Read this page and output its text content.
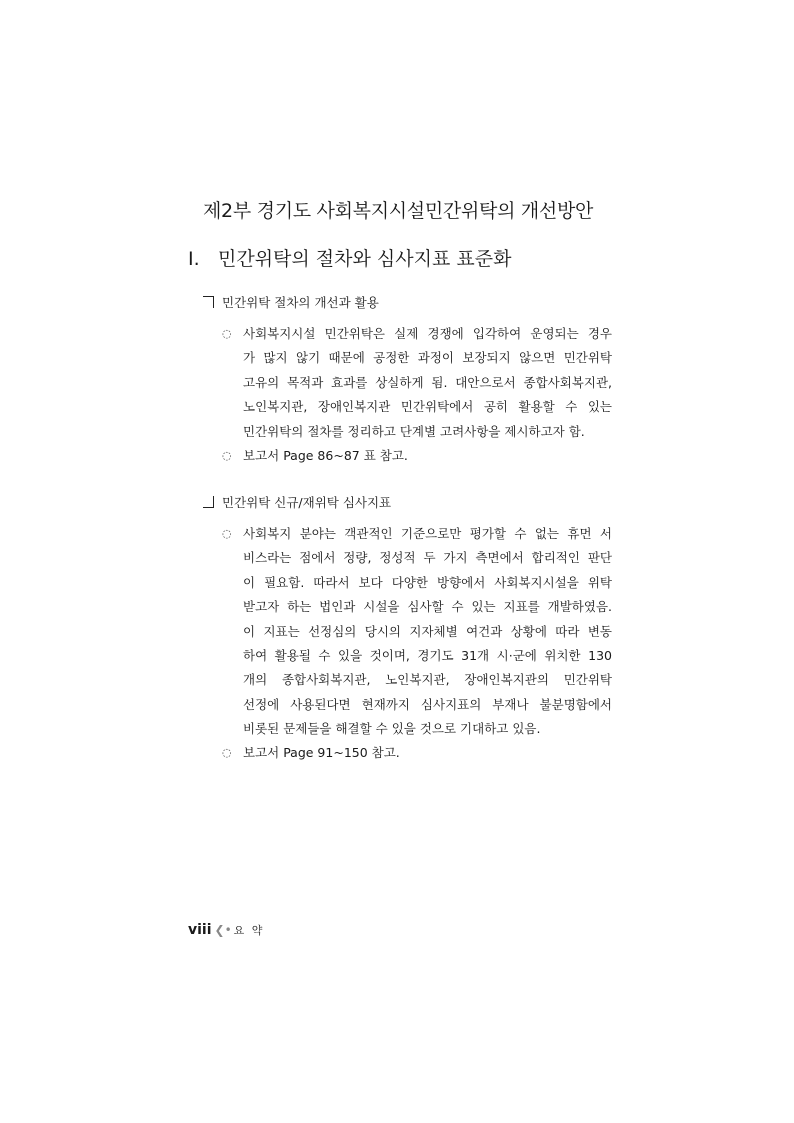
제2부 경기도 사회복지시설민간위탁의 개선방안
Ⅰ. 민간위탁의 절차와 심사지표 표준화
민간위탁 절차의 개선과 활용
◌ 사회복지시설 민간위탁은 실제 경쟁에 입각하여 운영되는 경우
가 많지 않기 때문에 공정한 과정이 보장되지 않으면 민간위탁
고유의 목적과 효과를 상실하게 됨. 대안으로서 종합사회복지관,
노인복지관, 장애인복지관 민간위탁에서 공히 활용할 수 있는
민간위탁의 절차를 정리하고 단계별 고려사항을 제시하고자 함.
◌ 보고서 Page 86~87 표 참고.
민간위탁 신규/재위탁 심사지표
◌ 사회복지 분야는 객관적인 기준으로만 평가할 수 없는 휴먼 서
비스라는 점에서 정량, 정성적 두 가지 측면에서 합리적인 판단
이 필요함. 따라서 보다 다양한 방향에서 사회복지시설을 위탁
받고자 하는 법인과 시설을 심사할 수 있는 지표를 개발하였음.
이 지표는 선정심의 당시의 지자체별 여건과 상황에 따라 변동
하여 활용될 수 있을 것이며, 경기도 31개 시·군에 위치한 130
개의 종합사회복지관, 노인복지관, 장애인복지관의 민간위탁
선정에 사용된다면 현재까지 심사지표의 부재나 불분명함에서
비롯된 문제들을 해결할 수 있을 것으로 기대하고 있음.
◌ 보고서 Page 91~150 참고.
viii ❮• 요 약
